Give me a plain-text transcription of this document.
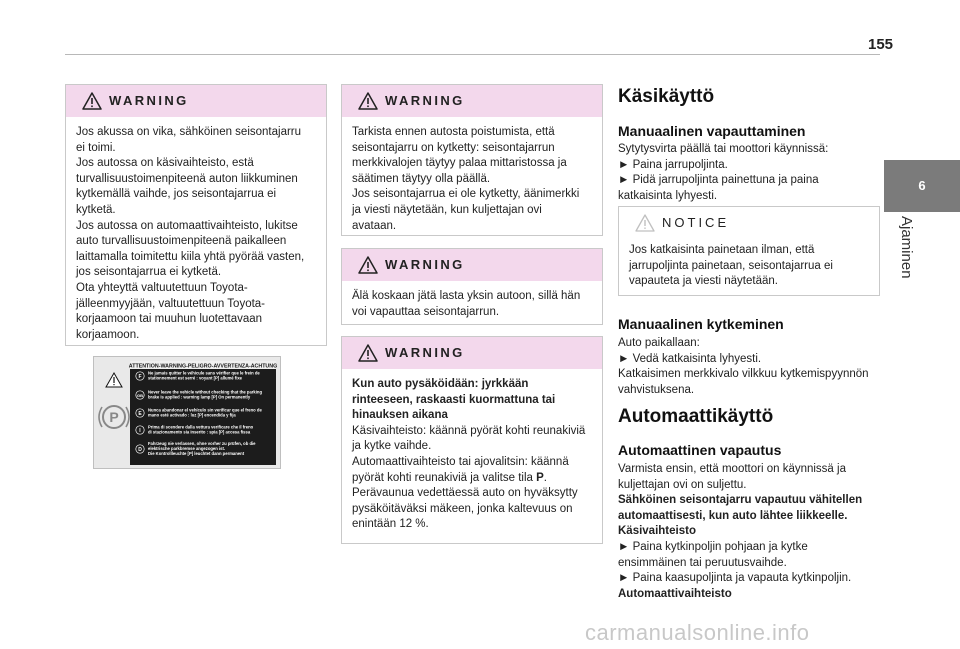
155
6
Ajaminen
WARNING

Jos akussa on vika, sähköinen seisontajarru

ei toimi.

Jos autossa on käsivaihteisto, estä

turvallisuustoimenpiteenä auton liikkuminen

kytkemällä vaihde, jos seisontajarrua ei

kytketä.

Jos autossa on automaattivaihteisto, lukitse

auto turvallisuustoimenpiteenä paikalleen

laittamalla toimitettu kiila yhtä pyörää vasten,

jos seisontajarrua ei kytketä.

Ota yhteyttä valtuutettuun Toyota-

jälleenmyyjään, valtuutettuun Toyota-

korjaamoon tai muuhun luotettavaan

korjaamoon.

ATTENTION-WARNING-PELIGRO-AVVERTENZA-ACHTUNG
P
F
Ne jamais quitter le véhicule sans vérifier que le frein de
stationnement est serré : voyant [P] allumé fixe
GB
Never leave the vehicle without checking that the parking
brake is applied : warning lamp [P] On permanently
E
Nunca abandonar el vehículo sin verificar que el freno de
mano esté activado : luz [P] encendida y fija
I
Prima di scendere dalla vettura verificare che il freno
di stazionamento sia inserito : spia [P] accesa fissa
D
Fahrzeug nie verlassen, ohne vorher zu prüfen, ob die
elektrische parkbremse angezogen ist.
Die Kontrollleuchte [P] leuchtet dann permanent
WARNING

Tarkista ennen autosta poistumista, että

seisontajarru on kytketty: seisontajarrun

merkkivalojen täytyy palaa mittaristossa ja

säätimen täytyy olla päällä.

Jos seisontajarrua ei ole kytketty, äänimerkki

ja viesti näytetään, kun kuljettajan ovi

avataan.

WARNING

Älä koskaan jätä lasta yksin autoon, sillä hän

voi vapauttaa seisontajarrun.

WARNING

Kun auto pysäköidään: jyrkkään

rinteeseen, raskaasti kuormattuna tai

hinauksen aikana

Käsivaihteisto: käännä pyörät kohti reunakiviä

ja kytke vaihde.

Automaattivaihteisto tai ajovalitsin: käännä

pyörät kohti reunakiviä ja valitse tila P.

Perävaunua vedettäessä auto on hyväksytty

pysäköitäväksi mäkeen, jonka kaltevuus on

enintään 12 %.

Käsikäyttö
Manuaalinen vapauttaminen

Sytytysvirta päällä tai moottori käynnissä:

► Paina jarrupoljinta.

► Pidä jarrupoljinta painettuna ja paina

katkaisinta lyhyesti.

NOTICE

Jos katkaisinta painetaan ilman, että

jarrupoljinta painetaan, seisontajarrua ei

vapauteta ja viesti näytetään.

Manuaalinen kytkeminen

Auto paikallaan:

► Vedä katkaisinta lyhyesti.

Katkaisimen merkkivalo vilkkuu kytkemispyynnön

vahvistuksena.

Automaattikäyttö
Automaattinen vapautus

Varmista ensin, että moottori on käynnissä ja

kuljettajan ovi on suljettu.

Sähköinen seisontajarru vapautuu vähitellen

automaattisesti, kun auto lähtee liikkeelle.

Käsivaihteisto

► Paina kytkinpoljin pohjaan ja kytke

ensimmäinen tai peruutusvaihde.

► Paina kaasupoljinta ja vapauta kytkinpoljin.

Automaattivaihteisto

carmanualsonline.info
